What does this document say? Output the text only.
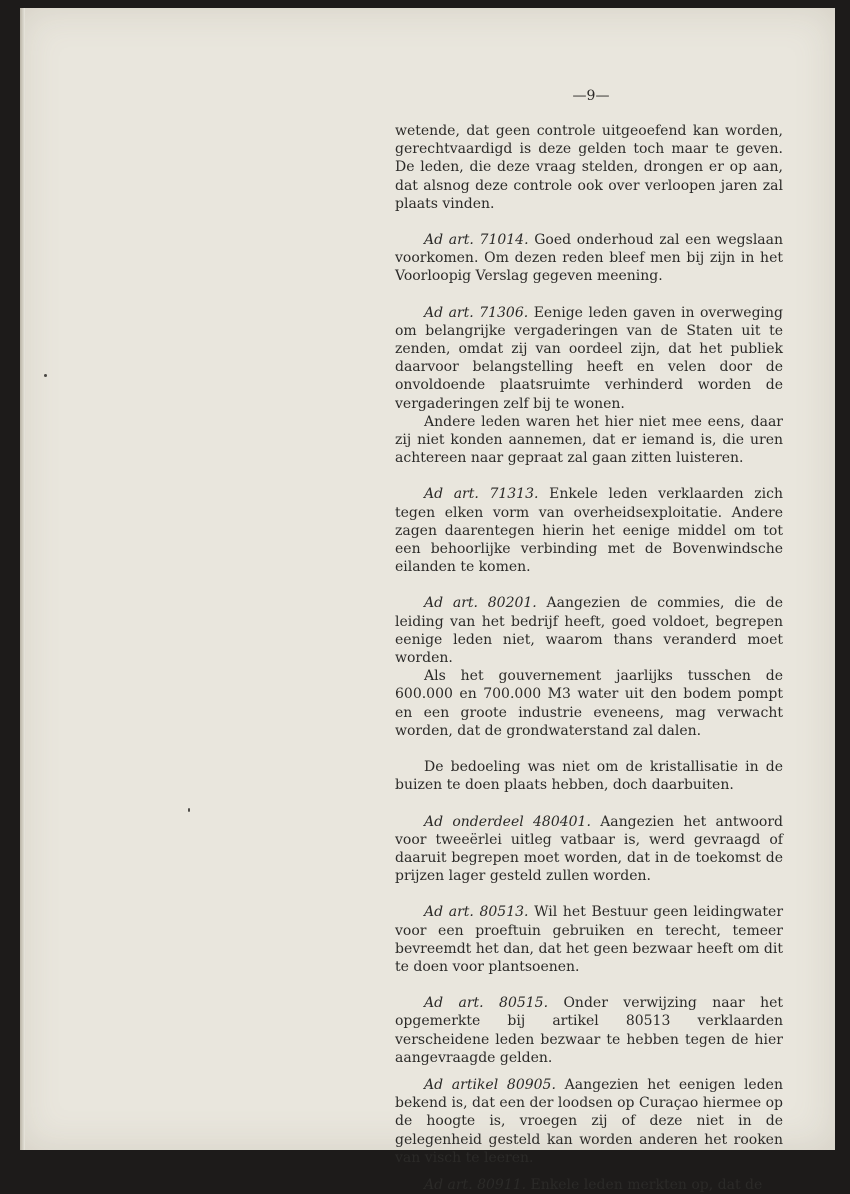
—9—

wetende, dat geen controle uitgeoefend kan worden, gerechtvaardigd is deze gelden toch maar te geven. De leden, die deze vraag stelden, drongen er op aan, dat alsnog deze controle ook over verloopen jaren zal plaats vinden.

Ad art. 71014. Goed onderhoud zal een wegslaan voorkomen. Om dezen reden bleef men bij zijn in het Voorloopig Verslag gegeven meening.

Ad art. 71306. Eenige leden gaven in overweging om belangrijke vergaderingen van de Staten uit te zenden, omdat zij van oordeel zijn, dat het publiek daarvoor belangstelling heeft en velen door de onvoldoende plaatsruimte verhinderd worden de vergaderingen zelf bij te wonen.

Andere leden waren het hier niet mee eens, daar zij niet konden aannemen, dat er iemand is, die uren achtereen naar gepraat zal gaan zitten luisteren.

Ad art. 71313. Enkele leden verklaarden zich tegen elken vorm van overheidsexploitatie. Andere zagen daarentegen hierin het eenige middel om tot een behoorlijke verbinding met de Bovenwindsche eilanden te komen.

Ad art. 80201. Aangezien de commies, die de leiding van het bedrijf heeft, goed voldoet, begrepen eenige leden niet, waarom thans veranderd moet worden.

Als het gouvernement jaarlijks tusschen de 600.000 en 700.000 M3 water uit den bodem pompt en een groote industrie eveneens, mag verwacht worden, dat de grondwaterstand zal dalen.

De bedoeling was niet om de kristallisatie in de buizen te doen plaats hebben, doch daarbuiten.

Ad onderdeel 480401. Aangezien het antwoord voor tweeërlei uitleg vatbaar is, werd gevraagd of daaruit begrepen moet worden, dat in de toekomst de prijzen lager gesteld zullen worden.

Ad art. 80513. Wil het Bestuur geen leidingwater voor een proeftuin gebruiken en terecht, temeer bevreemdt het dan, dat het geen bezwaar heeft om dit te doen voor plantsoenen.

Ad art. 80515. Onder verwijzing naar het opgemerkte bij artikel 80513 verklaarden verscheidene leden bezwaar te hebben tegen de hier aangevraagde gelden.

Ad artikel 80905. Aangezien het eenigen leden bekend is, dat een der loodsen op Curaçao hiermee op de hoogte is, vroegen zij of deze niet in de gelegenheid gesteld kan worden anderen het rooken van visch te leeren.

Ad art. 80911. Enkele leden merkten op, dat de
